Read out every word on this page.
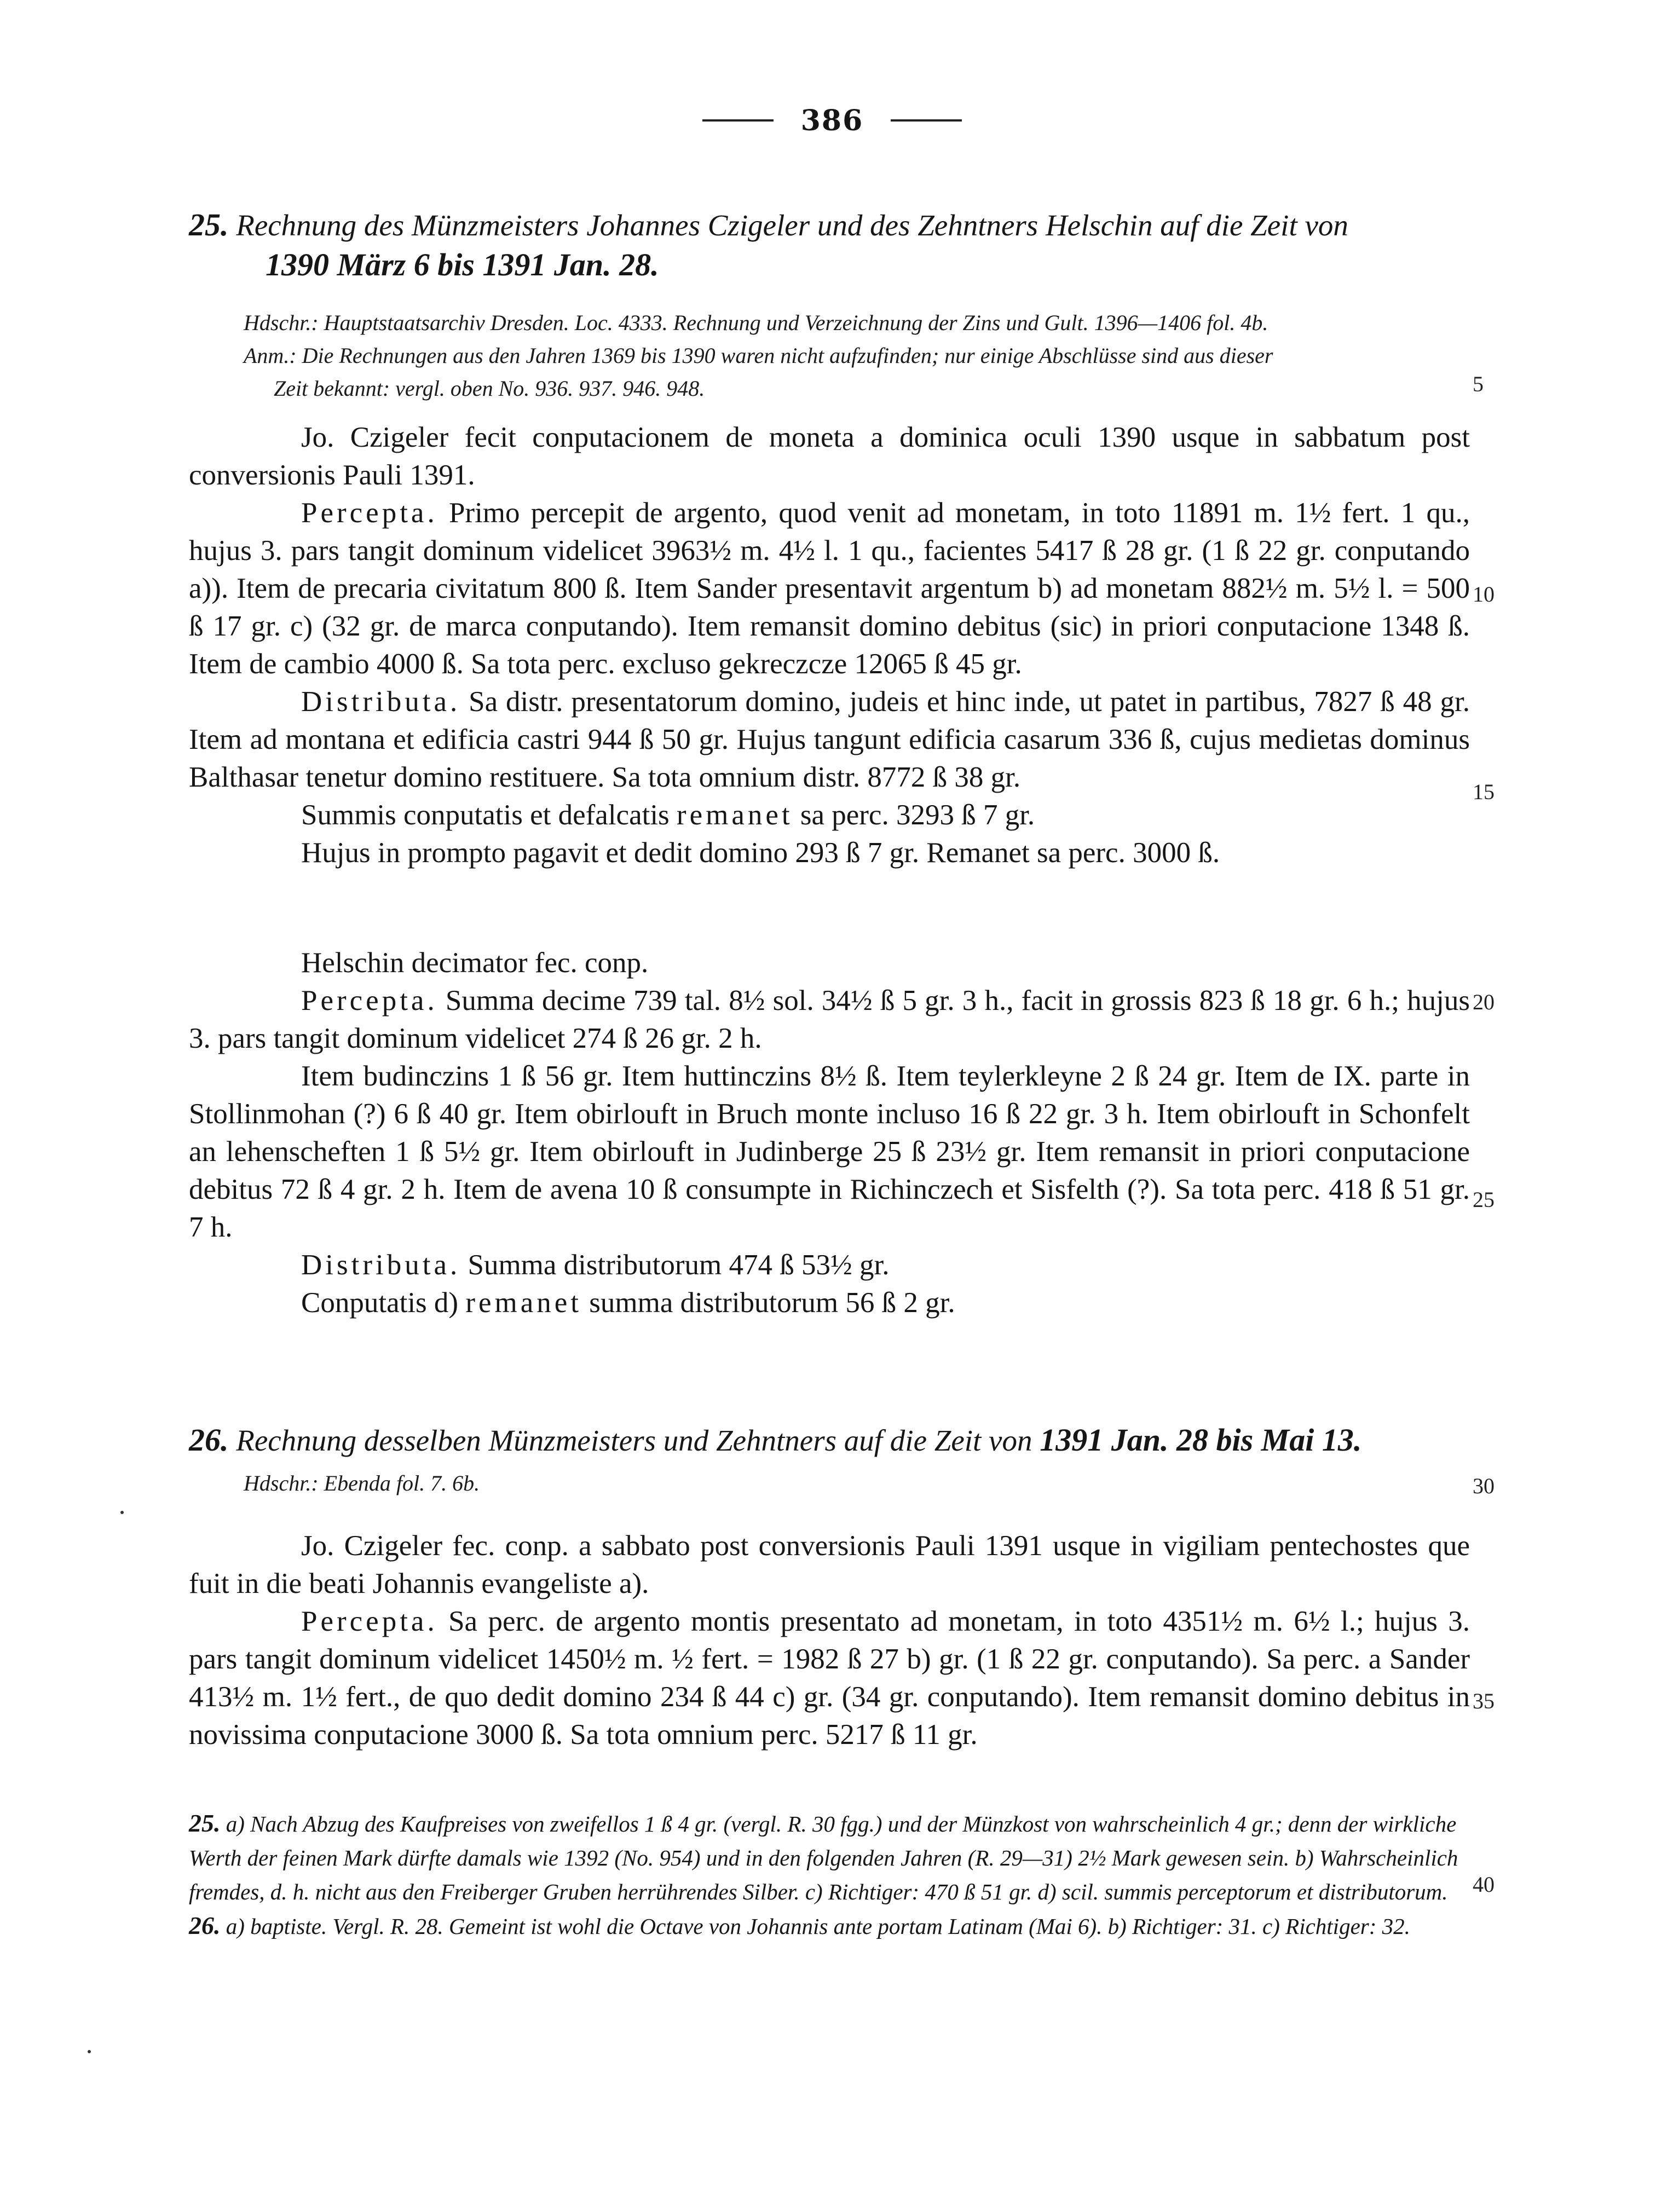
386
25. Rechnung des Münzmeisters Johannes Czigeler und des Zehntners Helschin auf die Zeit von
1390 März 6 bis 1391 Jan. 28.
Hdschr.: Hauptstaatsarchiv Dresden. Loc. 4333. Rechnung und Verzeichnung der Zins und Gult. 1396—1406 fol. 4b.
Anm.: Die Rechnungen aus den Jahren 1369 bis 1390 waren nicht aufzufinden; nur einige Abschlüsse sind aus dieser
Zeit bekannt: vergl. oben No. 936. 937. 946. 948.

Jo. Czigeler fecit conputacionem de moneta a dominica oculi 1390 usque in sabbatum post conversionis Pauli 1391.

Percepta. Primo percepit de argento, quod venit ad monetam, in toto 11891 m. 1½ fert. 1 qu., hujus 3. pars tangit dominum videlicet 3963½ m. 4½ l. 1 qu., facientes 5417 ß 28 gr. (1 ß 22 gr. conputando a)). Item de precaria civitatum 800 ß. Item Sander presentavit argentum b) ad monetam 882½ m. 5½ l. = 500 ß 17 gr. c) (32 gr. de marca conputando). Item remansit domino debitus (sic) in priori conputacione 1348 ß. Item de cambio 4000 ß. Sa tota perc. excluso gekreczcze 12065 ß 45 gr.

Distributa. Sa distr. presentatorum domino, judeis et hinc inde, ut patet in partibus, 7827 ß 48 gr. Item ad montana et edificia castri 944 ß 50 gr. Hujus tangunt edificia casarum 336 ß, cujus medietas dominus Balthasar tenetur domino restituere. Sa tota omnium distr. 8772 ß 38 gr.

Summis conputatis et defalcatis remanet sa perc. 3293 ß 7 gr.

Hujus in prompto pagavit et dedit domino 293 ß 7 gr. Remanet sa perc. 3000 ß.

Helschin decimator fec. conp.

Percepta. Summa decime 739 tal. 8½ sol. 34½ ß 5 gr. 3 h., facit in grossis 823 ß 18 gr. 6 h.; hujus 3. pars tangit dominum videlicet 274 ß 26 gr. 2 h.

Item budinczins 1 ß 56 gr. Item huttinczins 8½ ß. Item teylerkleyne 2 ß 24 gr. Item de IX. parte in Stollinmohan (?) 6 ß 40 gr. Item obirlouft in Bruch monte incluso 16 ß 22 gr. 3 h. Item obirlouft in Schonfelt an lehenscheften 1 ß 5½ gr. Item obirlouft in Judinberge 25 ß 23½ gr. Item remansit in priori conputacione debitus 72 ß 4 gr. 2 h. Item de avena 10 ß consumpte in Richinczech et Sisfelth (?). Sa tota perc. 418 ß 51 gr. 7 h.

Distributa. Summa distributorum 474 ß 53½ gr.

Conputatis d) remanet summa distributorum 56 ß 2 gr.

26. Rechnung desselben Münzmeisters und Zehntners auf die Zeit von 1391 Jan. 28 bis Mai 13.
Hdschr.: Ebenda fol. 7. 6b.

Jo. Czigeler fec. conp. a sabbato post conversionis Pauli 1391 usque in vigiliam pentechostes que fuit in die beati Johannis evangeliste a).

Percepta. Sa perc. de argento montis presentato ad monetam, in toto 4351½ m. 6½ l.; hujus 3. pars tangit dominum videlicet 1450½ m. ½ fert. = 1982 ß 27 b) gr. (1 ß 22 gr. conputando). Sa perc. a Sander 413½ m. 1½ fert., de quo dedit domino 234 ß 44 c) gr. (34 gr. conputando). Item remansit domino debitus in novissima conputacione 3000 ß. Sa tota omnium perc. 5217 ß 11 gr.

25. a) Nach Abzug des Kaufpreises von zweifellos 1 ß 4 gr. (vergl. R. 30 fgg.) und der Münzkost von wahrscheinlich 4 gr.; denn der wirkliche Werth der feinen Mark dürfte damals wie 1392 (No. 954) und in den folgenden Jahren (R. 29—31) 2½ Mark gewesen sein. b) Wahrscheinlich fremdes, d. h. nicht aus den Freiberger Gruben herrührendes Silber. c) Richtiger: 470 ß 51 gr. d) scil. summis perceptorum et distributorum.
26. a) baptiste. Vergl. R. 28. Gemeint ist wohl die Octave von Johannis ante portam Latinam (Mai 6). b) Richtiger: 31. c) Richtiger: 32.
5
10
15
20
25
30
35
40
